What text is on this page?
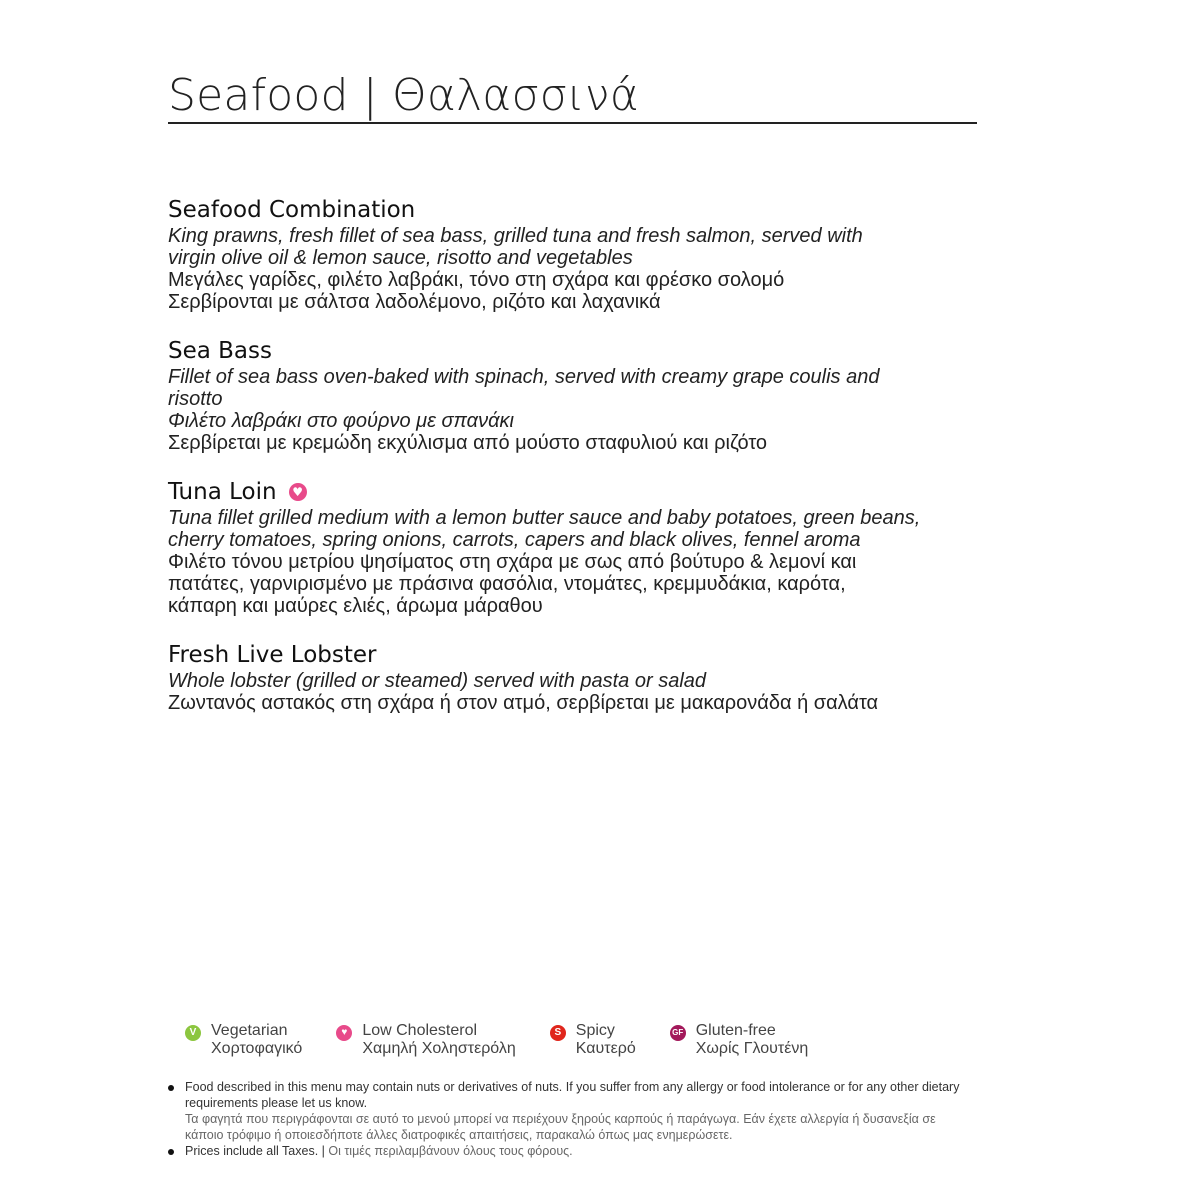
Seafood | Θαλασσινά
Seafood Combination
King prawns, fresh fillet of sea bass, grilled tuna and fresh salmon, served with
virgin olive oil & lemon sauce, risotto and vegetables
Μεγάλες γαρίδες, φιλέτο λαβράκι, τόνο στη σχάρα και φρέσκο σολομό
Σερβίρονται με σάλτσα λαδολέμονο, ριζότο και λαχανικά
Sea Bass
Fillet of sea bass oven-baked with spinach, served with creamy grape coulis and risotto
Φιλέτο λαβράκι στο φούρνο με σπανάκι
Σερβίρεται με κρεμώδη εκχύλισμα από μούστο σταφυλιού και ριζότο
Tuna Loin	♥
Tuna fillet grilled medium with a lemon butter sauce and baby potatoes, green beans,
cherry tomatoes, spring onions, carrots, capers and black olives, fennel aroma
Φιλέτο τόνου μετρίου ψησίματος στη σχάρα με σως από βούτυρο & λεμονί και
πατάτες, γαρνιρισμένο με πράσινα φασόλια, ντομάτες, κρεμμυδάκια, καρότα,
κάπαρη και μαύρες ελιές, άρωμα μάραθου
Fresh Live Lobster
Whole lobster (grilled or steamed) served with pasta or salad
Ζωντανός αστακός στη σχάρα ή στον ατμό, σερβίρεται με μακαρονάδα ή σαλάτα
V Vegetarian
Χορτοφαγικό
♥ Low Cholesterol
Χαμηλή Χοληστερόλη
S Spicy
Καυτερό
GF Gluten-free
Χωρίς Γλουτένη
Food described in this menu may contain nuts or derivatives of nuts. If you suffer from any allergy or food intolerance or for any other dietary requirements please let us know.
Τα φαγητά που περιγράφονται σε αυτό το μενού μπορεί να περιέχουν ξηρούς καρπούς ή παράγωγα. Εάν έχετε αλλεργία ή δυσανεξία σε κάποιο τρόφιμο ή οποιεσδήποτε άλλες διατροφικές απαιτήσεις, παρακαλώ όπως μας ενημερώσετε.
Prices include all Taxes. | Οι τιμές περιλαμβάνουν όλους τους φόρους.
